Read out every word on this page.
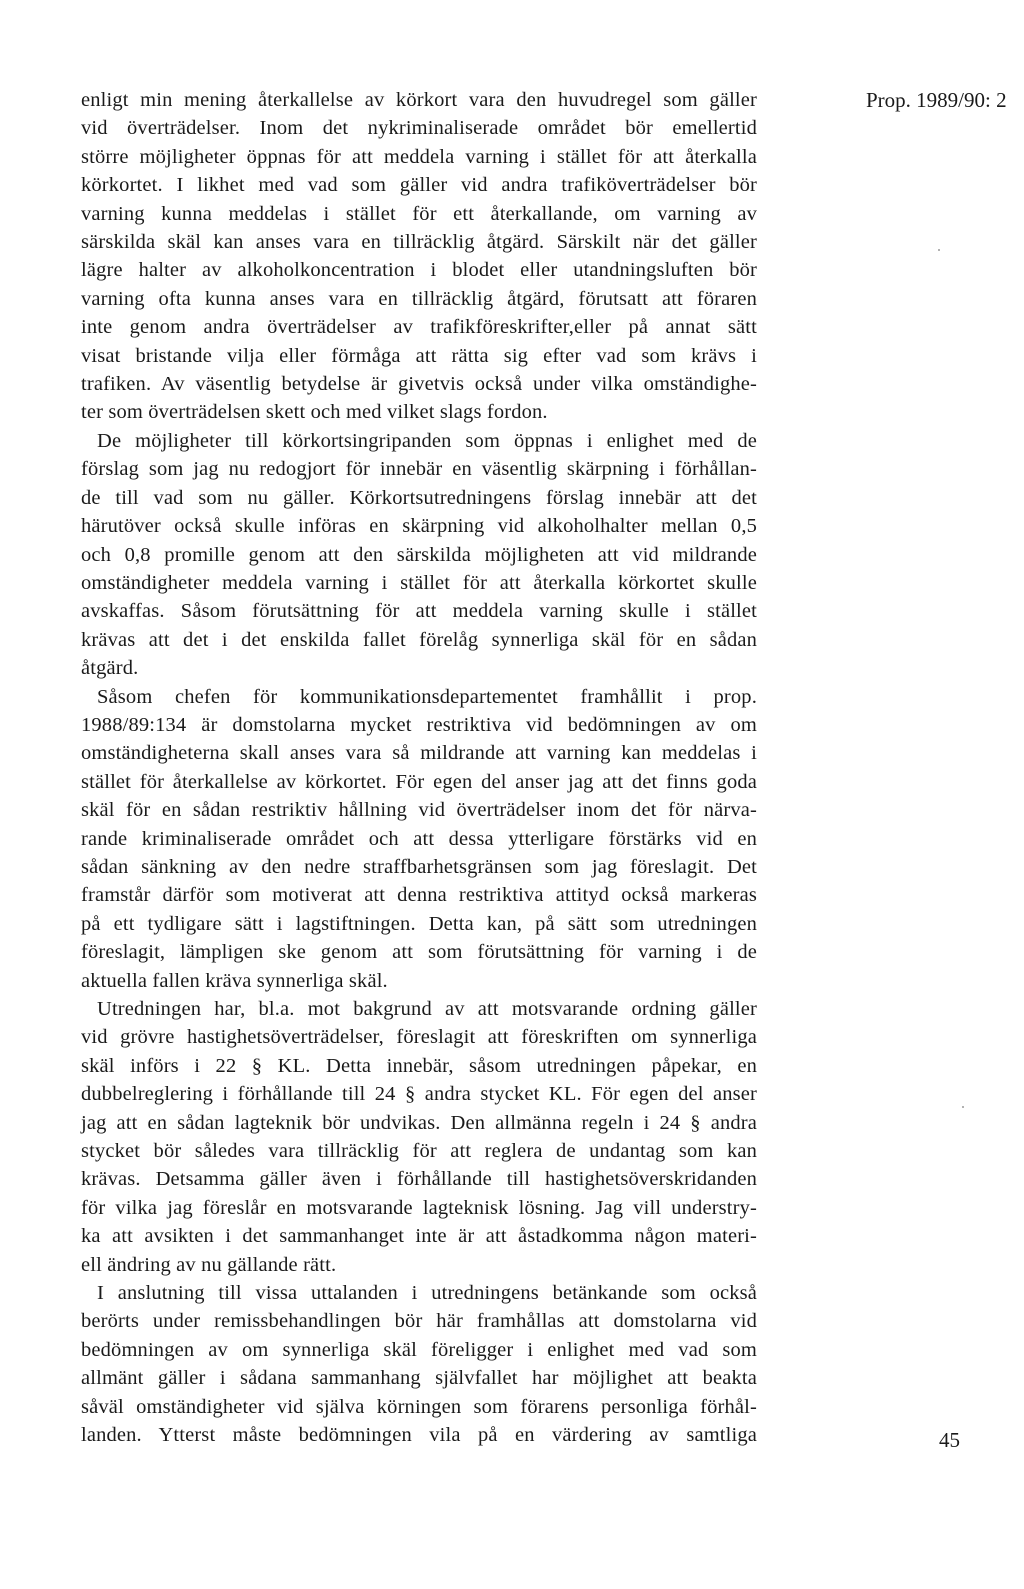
Prop. 1989/90: 2

enligt min mening återkallelse av körkort vara den huvudregel som gäller
vid överträdelser. Inom det nykriminaliserade området bör emellertid
större möjligheter öppnas för att meddela varning i stället för att återkalla
körkortet. I likhet med vad som gäller vid andra trafiköverträdelser bör
varning kunna meddelas i stället för ett återkallande, om varning av
särskilda skäl kan anses vara en tillräcklig åtgärd. Särskilt när det gäller
lägre halter av alkoholkoncentration i blodet eller utandningsluften bör
varning ofta kunna anses vara en tillräcklig åtgärd, förutsatt att föraren
inte genom andra överträdelser av trafikföreskrifter,eller på annat sätt
visat bristande vilja eller förmåga att rätta sig efter vad som krävs i
trafiken. Av väsentlig betydelse är givetvis också under vilka omständighe-
ter som överträdelsen skett och med vilket slags fordon.

De möjligheter till körkortsingripanden som öppnas i enlighet med de
förslag som jag nu redogjort för innebär en väsentlig skärpning i förhållan-
de till vad som nu gäller. Körkortsutredningens förslag innebär att det
härutöver också skulle införas en skärpning vid alkoholhalter mellan 0,5
och 0,8 promille genom att den särskilda möjligheten att vid mildrande
omständigheter meddela varning i stället för att återkalla körkortet skulle
avskaffas. Såsom förutsättning för att meddela varning skulle i stället
krävas att det i det enskilda fallet förelåg synnerliga skäl för en sådan
åtgärd.

Såsom chefen för kommunikationsdepartementet framhållit i prop.
1988/89:134 är domstolarna mycket restriktiva vid bedömningen av om
omständigheterna skall anses vara så mildrande att varning kan meddelas i
stället för återkallelse av körkortet. För egen del anser jag att det finns goda
skäl för en sådan restriktiv hållning vid överträdelser inom det för närva-
rande kriminaliserade området och att dessa ytterligare förstärks vid en
sådan sänkning av den nedre straffbarhetsgränsen som jag föreslagit. Det
framstår därför som motiverat att denna restriktiva attityd också markeras
på ett tydligare sätt i lagstiftningen. Detta kan, på sätt som utredningen
föreslagit, lämpligen ske genom att som förutsättning för varning i de
aktuella fallen kräva synnerliga skäl.

Utredningen har, bl.a. mot bakgrund av att motsvarande ordning gäller
vid grövre hastighetsöverträdelser, föreslagit att föreskriften om synnerliga
skäl införs i 22 § KL. Detta innebär, såsom utredningen påpekar, en
dubbelreglering i förhållande till 24 § andra stycket KL. För egen del anser
jag att en sådan lagteknik bör undvikas. Den allmänna regeln i 24 § andra
stycket bör således vara tillräcklig för att reglera de undantag som kan
krävas. Detsamma gäller även i förhållande till hastighetsöverskridanden
för vilka jag föreslår en motsvarande lagteknisk lösning. Jag vill understry-
ka att avsikten i det sammanhanget inte är att åstadkomma någon materi-
ell ändring av nu gällande rätt.

I anslutning till vissa uttalanden i utredningens betänkande som också
berörts under remissbehandlingen bör här framhållas att domstolarna vid
bedömningen av om synnerliga skäl föreligger i enlighet med vad som
allmänt gäller i sådana sammanhang självfallet har möjlighet att beakta
såväl omständigheter vid själva körningen som förarens personliga förhål-
landen. Ytterst måste bedömningen vila på en värdering av samtliga	45
